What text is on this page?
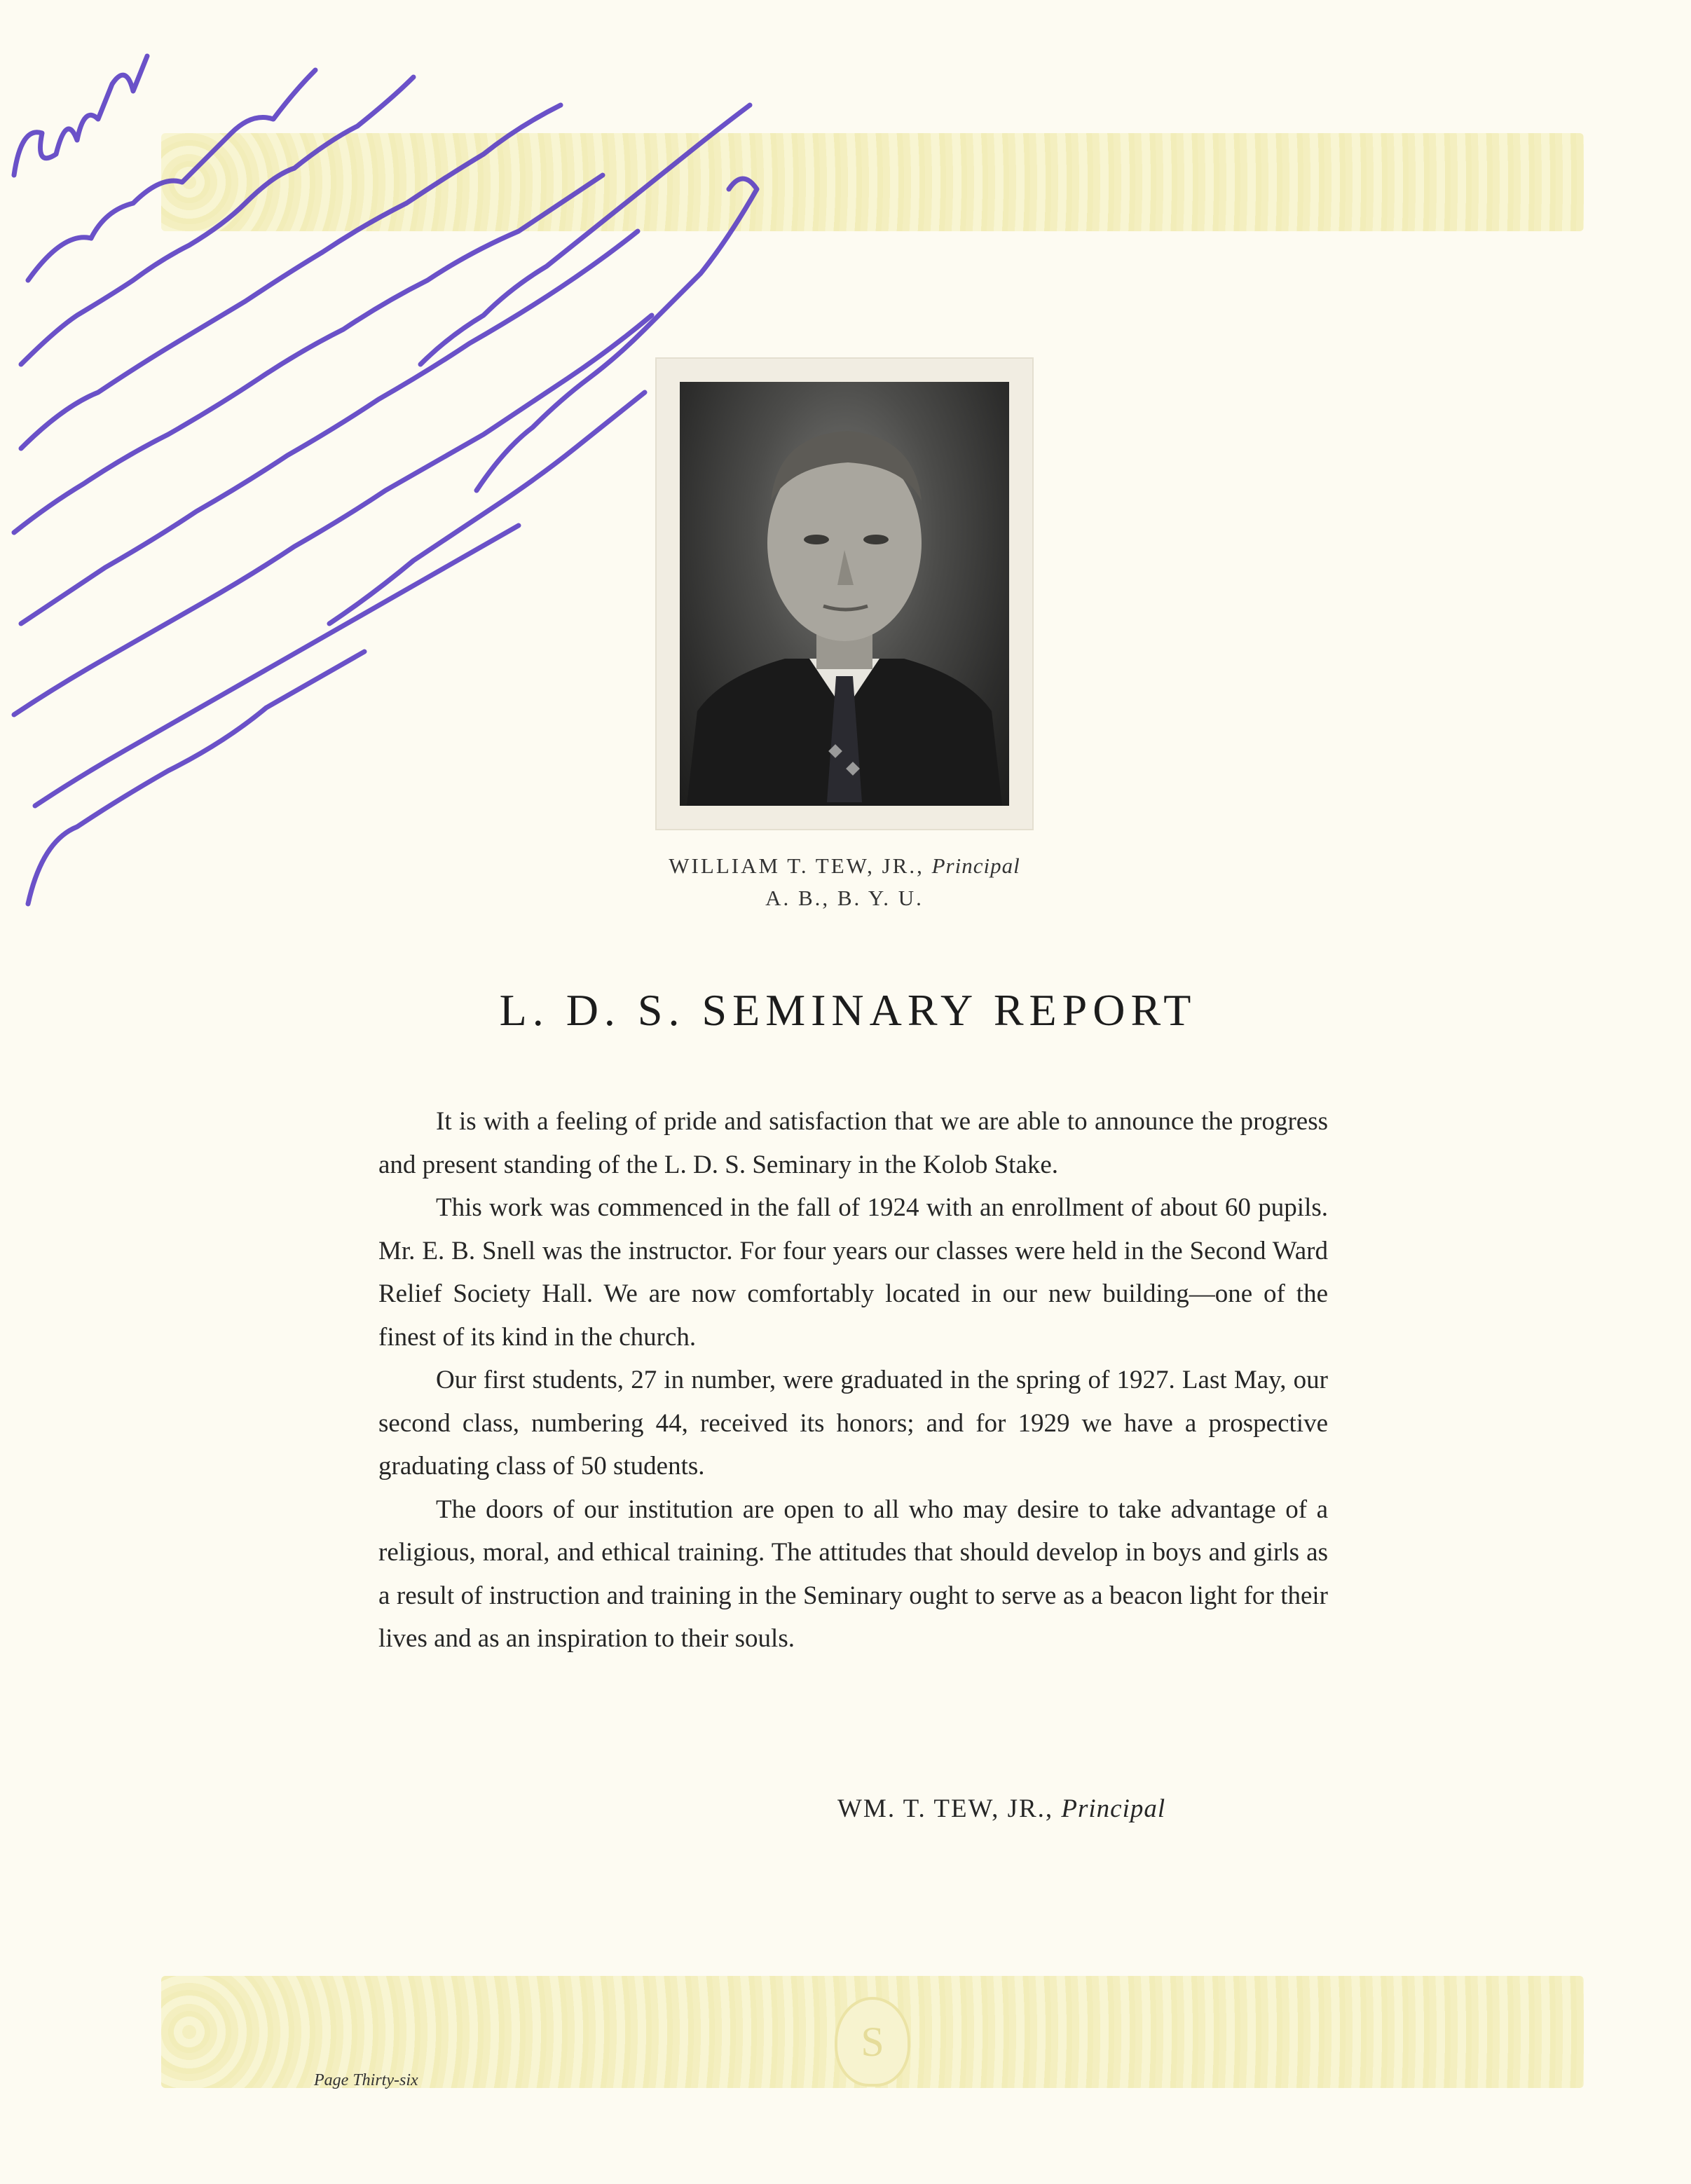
WILLIAM T. TEW, JR., Principal
A. B., B. Y. U.
L. D. S. SEMINARY REPORT

It is with a feeling of pride and satisfaction that we are able to announce the progress and present standing of the L. D. S. Seminary in the Kolob Stake.

This work was commenced in the fall of 1924 with an enrollment of about 60 pupils. Mr. E. B. Snell was the instructor. For four years our classes were held in the Second Ward Relief Society Hall. We are now comfortably located in our new building—one of the finest of its kind in the church.

Our first students, 27 in number, were graduated in the spring of 1927. Last May, our second class, numbering 44, received its honors; and for 1929 we have a prospective graduating class of 50 students.

The doors of our institution are open to all who may desire to take advantage of a religious, moral, and ethical training. The attitudes that should develop in boys and girls as a result of instruction and training in the Seminary ought to serve as a beacon light for their lives and as an inspiration to their souls.

WM. T. TEW, JR., Principal
S
Page Thirty-six
